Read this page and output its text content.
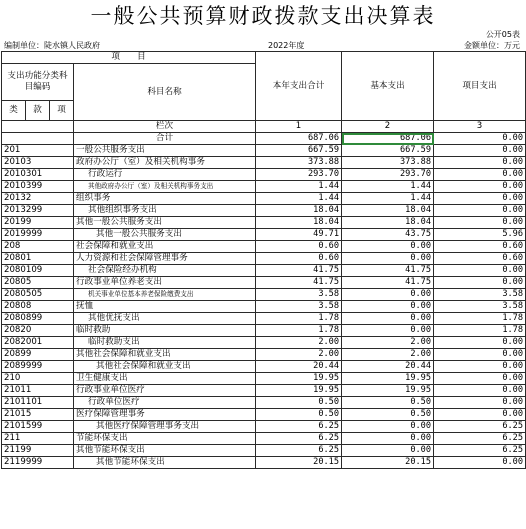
一般公共预算财政拨款支出决算表
公开05表
编制单位：陡水镇人民政府	2022年度	金额单位：万元
项　　目				本年支出合计	基本支出	项目支出
支出功能分类科目编码			科目名称			

类	款	项				
			栏次	1	2	3
			合计	687.06	687.06	0.00
201			一般公共服务支出	667.59	667.59	0.00
20103			政府办公厅（室）及相关机构事务	373.88	373.88	0.00
2010301			行政运行	293.70	293.70	0.00
2010399			其他政府办公厅（室）及相关机构事务支出	1.44	1.44	0.00
20132			组织事务	1.44	1.44	0.00
2013299			其他组织事务支出	18.04	18.04	0.00
20199			其他一般公共服务支出	18.04	18.04	0.00
2019999			其他一般公共服务支出	49.71	43.75	5.96
208			社会保障和就业支出	0.60	0.00	0.60
20801			人力资源和社会保障管理事务	0.60	0.00	0.60
2080109			社会保险经办机构	41.75	41.75	0.00
20805			行政事业单位养老支出	41.75	41.75	0.00
2080505			机关事业单位基本养老保险缴费支出	3.58	0.00	3.58
20808			抚恤	3.58	0.00	3.58
2080899			其他优抚支出	1.78	0.00	1.78
20820			临时救助	1.78	0.00	1.78
2082001			临时救助支出	2.00	2.00	0.00
20899			其他社会保障和就业支出	2.00	2.00	0.00
2089999			其他社会保障和就业支出	20.44	20.44	0.00
210			卫生健康支出	19.95	19.95	0.00
21011			行政事业单位医疗	19.95	19.95	0.00
2101101			行政单位医疗	0.50	0.50	0.00
21015			医疗保障管理事务	0.50	0.50	0.00
2101599			其他医疗保障管理事务支出	6.25	0.00	6.25
211			节能环保支出	6.25	0.00	6.25
21199			其他节能环保支出	6.25	0.00	6.25
2119999			其他节能环保支出	20.15	20.15	0.00
